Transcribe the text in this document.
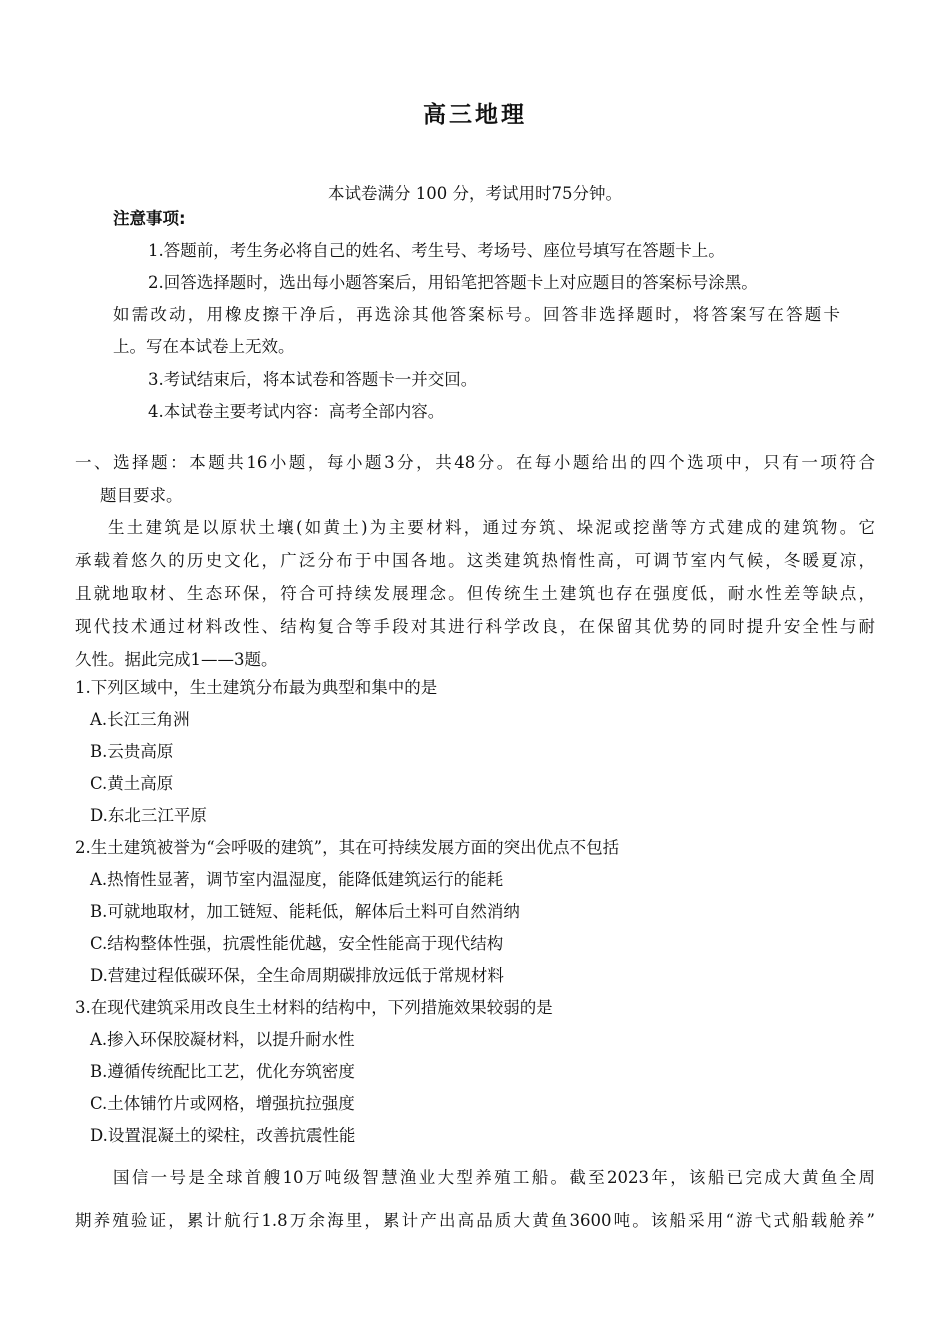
高三地理
本试卷满分 100 分，考试用时75分钟。
注意事项:
1.答题前，考生务必将自己的姓名、考生号、考场号、座位号填写在答题卡上。
2.回答选择题时，选出每小题答案后，用铅笔把答题卡上对应题目的答案标号涂黑。
如需改动，用橡皮擦干净后，再选涂其他答案标号。回答非选择题时，将答案写在答题卡
上。写在本试卷上无效。
3.考试结束后，将本试卷和答题卡一并交回。
4.本试卷主要考试内容：高考全部内容。
一、选择题：本题共16小题，每小题3分，共48分。在每小题给出的四个选项中，只有一项符合
题目要求。
生土建筑是以原状土壤(如黄土)为主要材料，通过夯筑、垛泥或挖凿等方式建成的建筑物。它
承载着悠久的历史文化，广泛分布于中国各地。这类建筑热惰性高，可调节室内气候，冬暖夏凉，
且就地取材、生态环保，符合可持续发展理念。但传统生土建筑也存在强度低，耐水性差等缺点，
现代技术通过材料改性、结构复合等手段对其进行科学改良，在保留其优势的同时提升安全性与耐
久性。据此完成1——3题。
1.下列区域中，生土建筑分布最为典型和集中的是
A.长江三角洲
B.云贵高原
C.黄土高原
D.东北三江平原
2.生土建筑被誉为“会呼吸的建筑”，其在可持续发展方面的突出优点不包括
A.热惰性显著，调节室内温湿度，能降低建筑运行的能耗
B.可就地取材，加工链短、能耗低，解体后土料可自然消纳
C.结构整体性强，抗震性能优越，安全性能高于现代结构
D.营建过程低碳环保，全生命周期碳排放远低于常规材料
3.在现代建筑采用改良生土材料的结构中，下列措施效果较弱的是
A.掺入环保胶凝材料，以提升耐水性
B.遵循传统配比工艺，优化夯筑密度
C.土体铺竹片或网格，增强抗拉强度
D.设置混凝土的梁柱，改善抗震性能
国信一号是全球首艘10万吨级智慧渔业大型养殖工船。截至2023年，该船已完成大黄鱼全周
期养殖验证，累计航行1.8万余海里，累计产出高品质大黄鱼3600吨。该船采用“游弋式船载舱养”
